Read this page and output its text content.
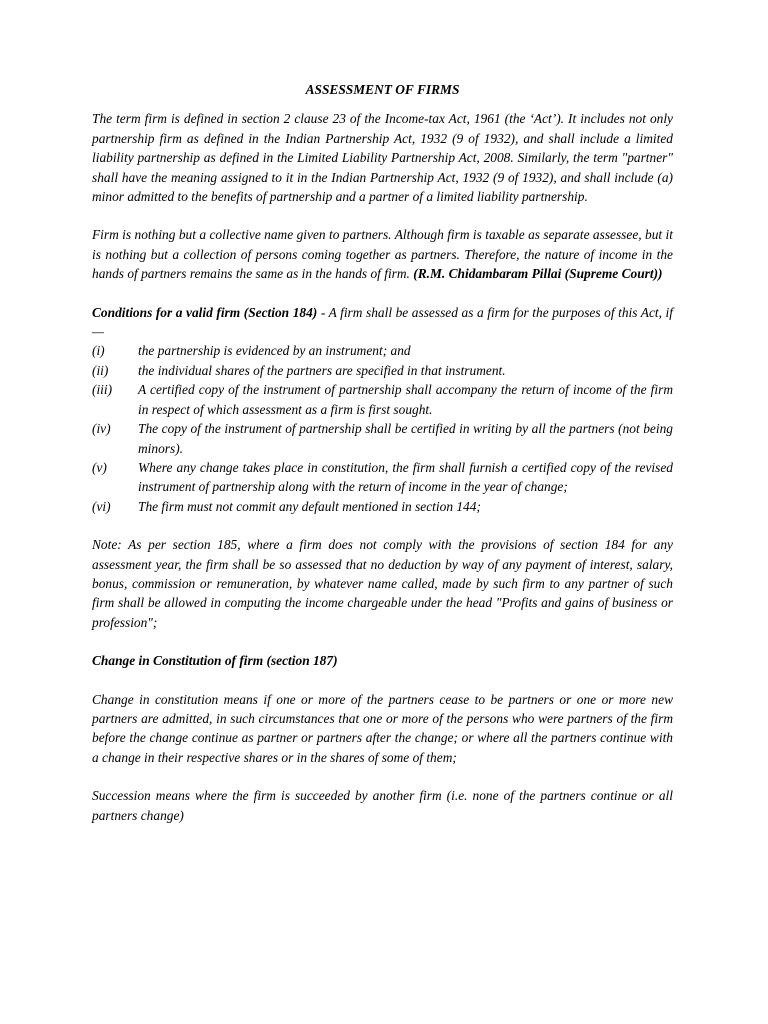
ASSESSMENT OF FIRMS

The term firm is defined in section 2 clause 23 of the Income-tax Act, 1961 (the ‘Act’). It includes not only partnership firm as defined in the Indian Partnership Act, 1932 (9 of 1932), and shall include a limited liability partnership as defined in the Limited Liability Partnership Act, 2008. Similarly, the term "partner" shall have the meaning assigned to it in the Indian Partnership Act, 1932 (9 of 1932), and shall include (a) minor admitted to the benefits of partnership and a partner of a limited liability partnership.

Firm is nothing but a collective name given to partners. Although firm is taxable as separate assessee, but it is nothing but a collection of persons coming together as partners. Therefore, the nature of income in the hands of partners remains the same as in the hands of firm. (R.M. Chidambaram Pillai (Supreme Court))

Conditions for a valid firm (Section 184) - A firm shall be assessed as a firm for the purposes of this Act, if—

(i)	the partnership is evidenced by an instrument; and
(ii)	the individual shares of the partners are specified in that instrument.
(iii)	A certified copy of the instrument of partnership shall accompany the return of income of the firm in respect of which assessment as a firm is first sought.
(iv)	The copy of the instrument of partnership shall be certified in writing by all the partners (not being minors).
(v)	Where any change takes place in constitution, the firm shall furnish a certified copy of the revised instrument of partnership along with the return of income in the year of change;
(vi)	The firm must not commit any default mentioned in section 144;

Note: As per section 185, where a firm does not comply with the provisions of section 184 for any assessment year, the firm shall be so assessed that no deduction by way of any payment of interest, salary, bonus, commission or remuneration, by whatever name called, made by such firm to any partner of such firm shall be allowed in computing the income chargeable under the head "Profits and gains of business or profession";

Change in Constitution of firm (section 187)

Change in constitution means if one or more of the partners cease to be partners or one or more new partners are admitted, in such circumstances that one or more of the persons who were partners of the firm before the change continue as partner or partners after the change; or where all the partners continue with a change in their respective shares or in the shares of some of them;

Succession means where the firm is succeeded by another firm (i.e. none of the partners continue or all partners change)
